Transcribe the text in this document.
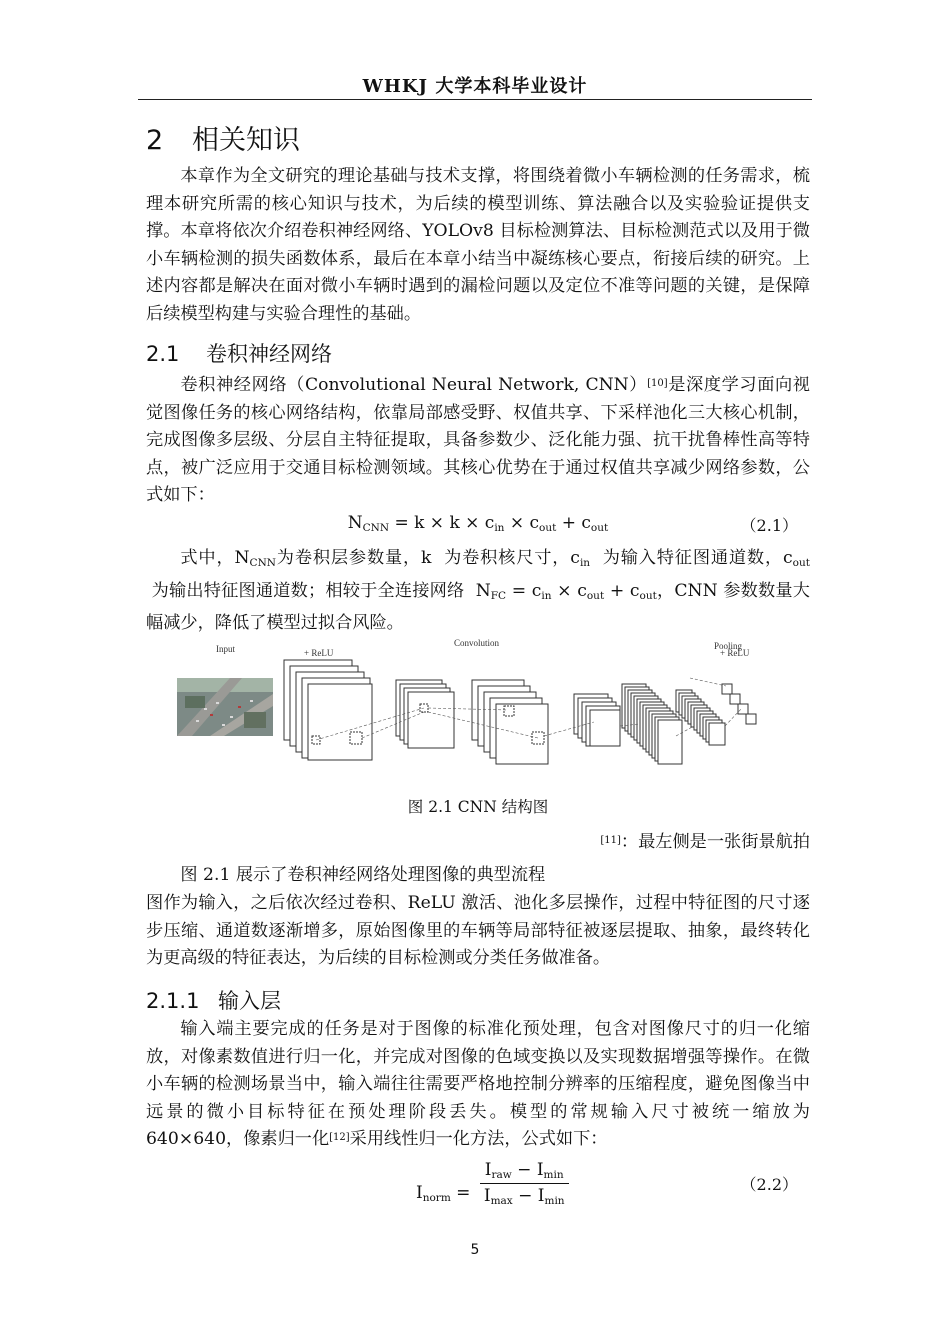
WHKJ 大学本科毕业设计
2 相关知识
本章作为全文研究的理论基础与技术支撑，将围绕着微小车辆检测的任务需求，梳理本研究所需的核心知识与技术，为后续的模型训练、算法融合以及实验验证提供支撑。本章将依次介绍卷积神经网络、YOLOv8 目标检测算法、目标检测范式以及用于微小车辆检测的损失函数体系，最后在本章小结当中凝练核心要点，衔接后续的研究。上述内容都是解决在面对微小车辆时遇到的漏检问题以及定位不准等问题的关键，是保障后续模型构建与实验合理性的基础。
2.1 卷积神经网络
卷积神经网络（Convolutional Neural Network, CNN）[10]是深度学习面向视觉图像任务的核心网络结构，依靠局部感受野、权值共享、下采样池化三大核心机制，完成图像多层级、分层自主特征提取，具备参数少、泛化能力强、抗干扰鲁棒性高等特点，被广泛应用于交通目标检测领域。其核心优势在于通过权值共享减少网络参数，公式如下：
$N_{CNN} = k \times k \times c_{in} \times c_{out} + c_{out}$	（2.1）
式中，$N_{CNN}$为卷积层参数量，k  为卷积核尺寸，$c_{in}$ 为输入特征图通道数，$c_{out}$  为输出特征图通道数；相较于全连接网络  $N_{FC} = c_{in} \times c_{out} + c_{out}$，CNN 参数数量大幅减少，降低了模型过拟合风险。
Input	+ ReLU
Convolution	Pooling
+ ReLU
图 2.1 CNN 结构图
[11]：最左侧是一张街景航拍
图 2.1 展示了卷积神经网络处理图像的典型流程
图作为输入，之后依次经过卷积、ReLU 激活、池化多层操作，过程中特征图的尺寸逐步压缩、通道数逐渐增多，原始图像里的车辆等局部特征被逐层提取、抽象，最终转化为更高级的特征表达，为后续的目标检测或分类任务做准备。
2.1.1 输入层
输入端主要完成的任务是对于图像的标准化预处理，包含对图像尺寸的归一化缩放，对像素数值进行归一化，并完成对图像的色域变换以及实现数据增强等操作。在微小车辆的检测场景当中，输入端往往需要严格地控制分辨率的压缩程度，避免图像当中远景的微小目标特征在预处理阶段丢失。模型的常规输入尺寸被统一缩放为640×640，像素归一化[12]采用线性归一化方法，公式如下：
$I_{norm} = \frac{I_{raw} - I_{min}}{I_{max} - I_{min}}$	（2.2）
5
